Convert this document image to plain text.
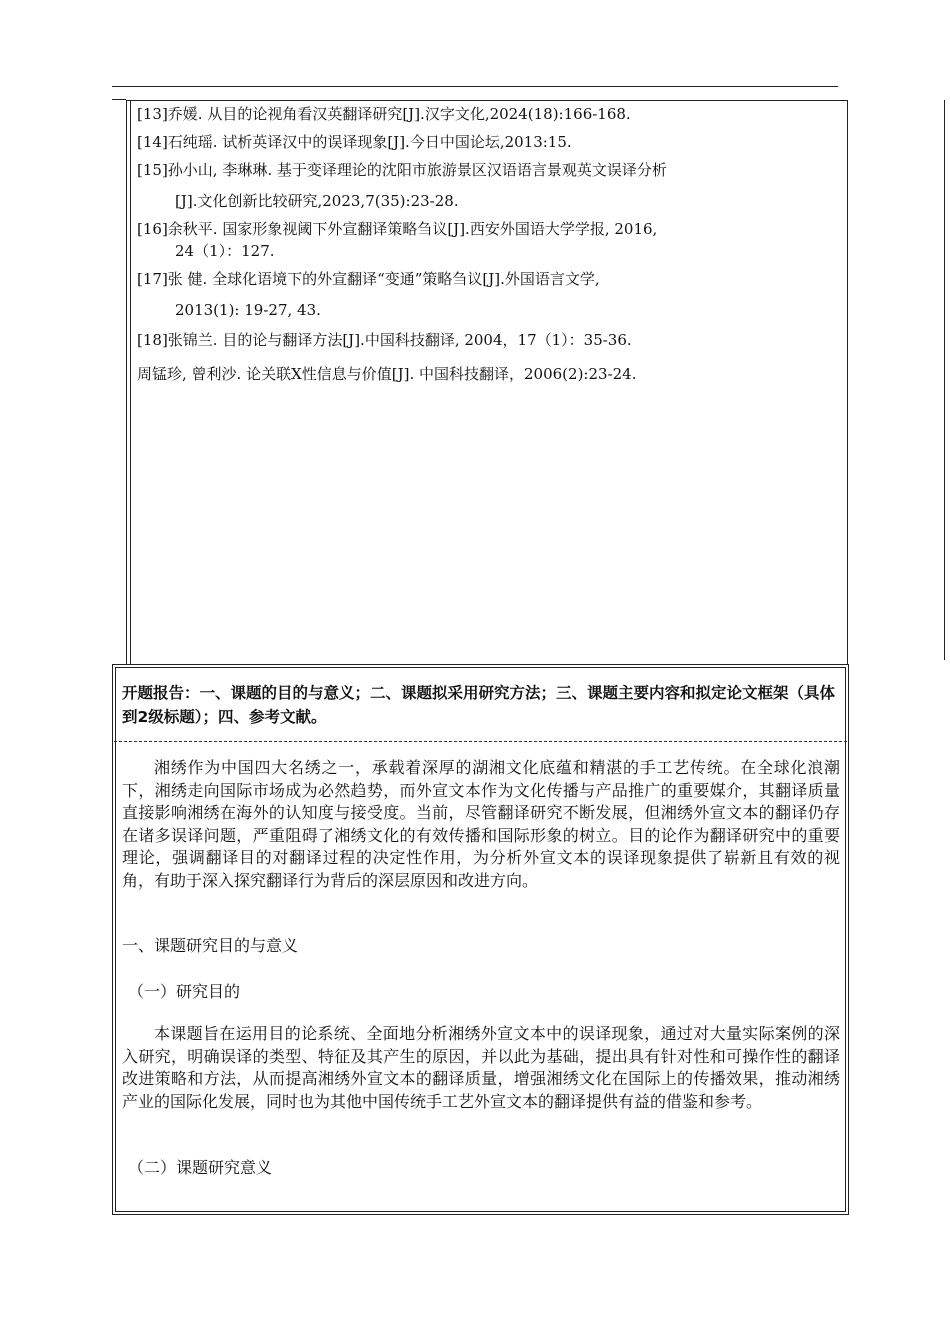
[13]乔媛. 从目的论视角看汉英翻译研究[J].汉字文化,2024(18):166-168.

[14]石纯瑶. 试析英译汉中的误译现象[J].今日中国论坛,2013:15.

[15]孙小山, 李琳琳. 基于变译理论的沈阳市旅游景区汉语语言景观英文误译分析
[J].文化创新比较研究,2023,7(35):23-28.

[16]余秋平. 国家形象视阈下外宣翻译策略刍议[J].西安外国语大学学报, 2016,
24（1）：127.

[17]张 健. 全球化语境下的外宣翻译“变通”策略刍议[J].外国语言文学,
2013(1): 19-27, 43.

[18]张锦兰. 目的论与翻译方法[J].中国科技翻译, 2004，17（1）：35-36.

周锰珍, 曾利沙. 论关联X性信息与价值[J]. 中国科技翻译，2006(2):23-24.

开题报告：一、课题的目的与意义；二、课题拟采用研究方法；三、课题主要内容和拟定论文框架（具体到2级标题）；四、参考文献。

湘绣作为中国四大名绣之一，承载着深厚的湖湘文化底蕴和精湛的手工艺传统。在全球化浪潮下，湘绣走向国际市场成为必然趋势，而外宣文本作为文化传播与产品推广的重要媒介，其翻译质量直接影响湘绣在海外的认知度与接受度。当前，尽管翻译研究不断发展，但湘绣外宣文本的翻译仍存在诸多误译问题，严重阻碍了湘绣文化的有效传播和国际形象的树立。目的论作为翻译研究中的重要理论，强调翻译目的对翻译过程的决定性作用，为分析外宣文本的误译现象提供了崭新且有效的视角，有助于深入探究翻译行为背后的深层原因和改进方向。

一、课题研究目的与意义

（一）研究目的

本课题旨在运用目的论系统、全面地分析湘绣外宣文本中的误译现象，通过对大量实际案例的深入研究，明确误译的类型、特征及其产生的原因，并以此为基础，提出具有针对性和可操作性的翻译改进策略和方法，从而提高湘绣外宣文本的翻译质量，增强湘绣文化在国际上的传播效果，推动湘绣产业的国际化发展，同时也为其他中国传统手工艺外宣文本的翻译提供有益的借鉴和参考。

（二）课题研究意义
